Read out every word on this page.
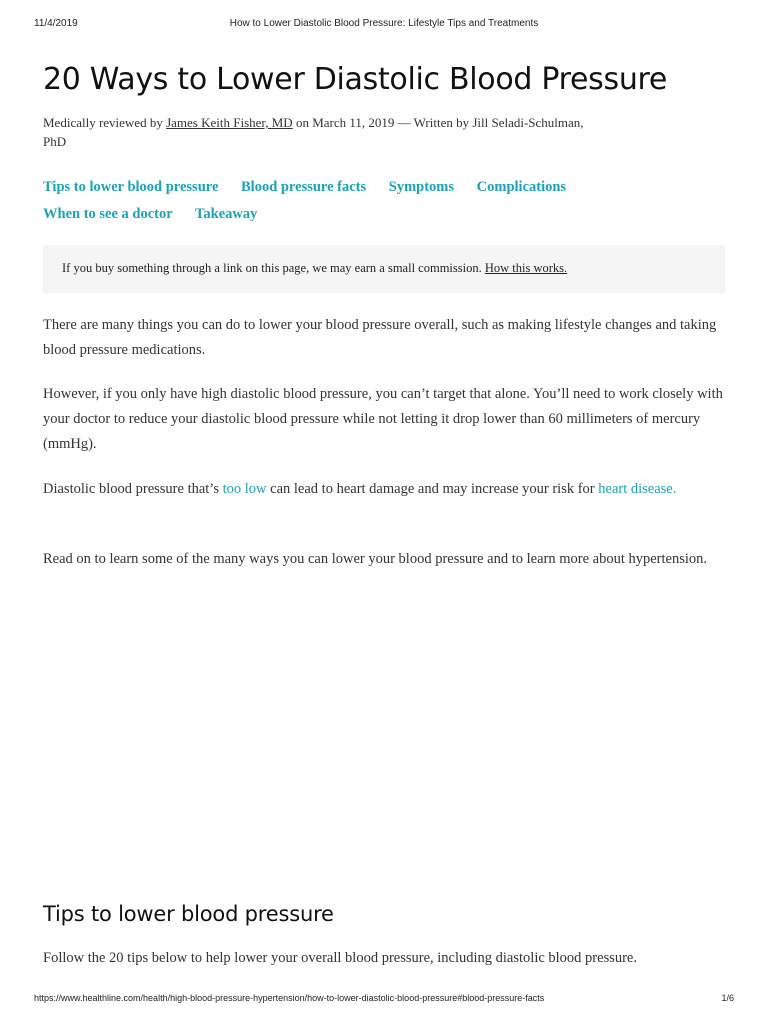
11/4/2019	How to Lower Diastolic Blood Pressure: Lifestyle Tips and Treatments
20 Ways to Lower Diastolic Blood Pressure
Medically reviewed by James Keith Fisher, MD on March 11, 2019 — Written by Jill Seladi-Schulman, PhD
Tips to lower blood pressure Blood pressure facts Symptoms Complications When to see a doctor Takeaway
If you buy something through a link on this page, we may earn a small commission. How this works.

There are many things you can do to lower your blood pressure overall, such as making lifestyle changes and taking blood pressure medications.

However, if you only have high diastolic blood pressure, you can’t target that alone. You’ll need to work closely with your doctor to reduce your diastolic blood pressure while not letting it drop lower than 60 millimeters of mercury (mmHg).

Diastolic blood pressure that’s too low can lead to heart damage and may increase your risk for heart disease.

Read on to learn some of the many ways you can lower your blood pressure and to learn more about hypertension.

Tips to lower blood pressure

Follow the 20 tips below to help lower your overall blood pressure, including diastolic blood pressure.

https://www.healthline.com/health/high-blood-pressure-hypertension/how-to-lower-diastolic-blood-pressure#blood-pressure-facts	1/6
